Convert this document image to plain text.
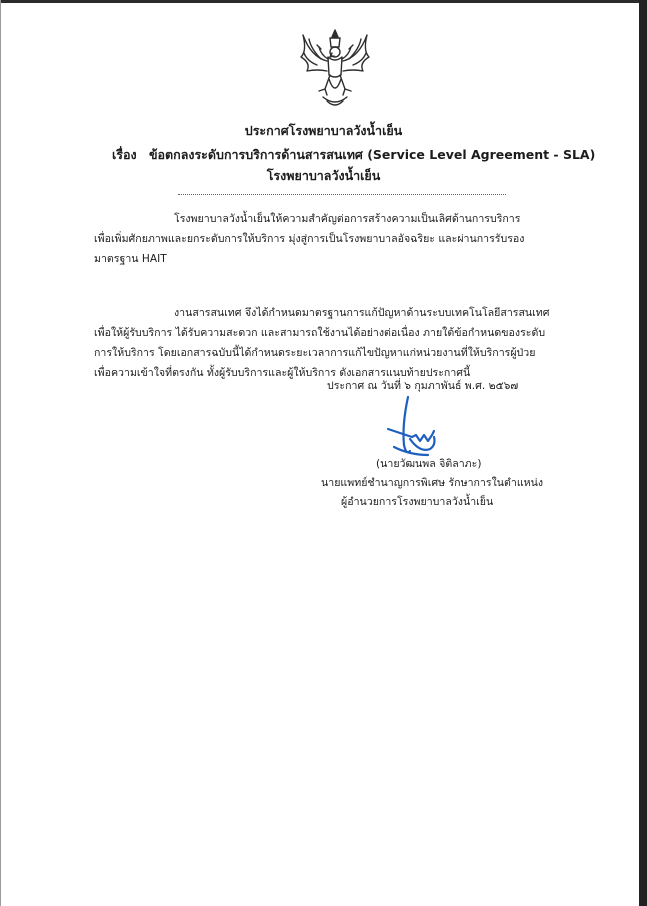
ประกาศโรงพยาบาลวังน้ำเย็น
เรื่อง ข้อตกลงระดับการบริการด้านสารสนเทศ (Service Level Agreement - SLA)
โรงพยาบาลวังน้ำเย็น
โรงพยาบาลวังน้ำเย็นให้ความสำคัญต่อการสร้างความเป็นเลิศด้านการบริการ
เพื่อเพิ่มศักยภาพและยกระดับการให้บริการ มุ่งสู่การเป็นโรงพยาบาลอัจฉริยะ และผ่านการรับรอง
มาตรฐาน HAIT
งานสารสนเทศ จึงได้กำหนดมาตรฐานการแก้ปัญหาด้านระบบเทคโนโลยีสารสนเทศ
เพื่อให้ผู้รับบริการ ได้รับความสะดวก และสามารถใช้งานได้อย่างต่อเนื่อง ภายใต้ข้อกำหนดของระดับ
การให้บริการ โดยเอกสารฉบับนี้ได้กำหนดระยะเวลาการแก้ไขปัญหาแก่หน่วยงานที่ให้บริการผู้ป่วย
เพื่อความเข้าใจที่ตรงกัน ทั้งผู้รับบริการและผู้ให้บริการ ดังเอกสารแนบท้ายประกาศนี้
ประกาศ ณ วันที่ ๖ กุมภาพันธ์ พ.ศ. ๒๕๖๗
(นายวัฒนพล จิติลาภะ)
นายแพทย์ชำนาญการพิเศษ รักษาการในตำแหน่ง
ผู้อำนวยการโรงพยาบาลวังน้ำเย็น
